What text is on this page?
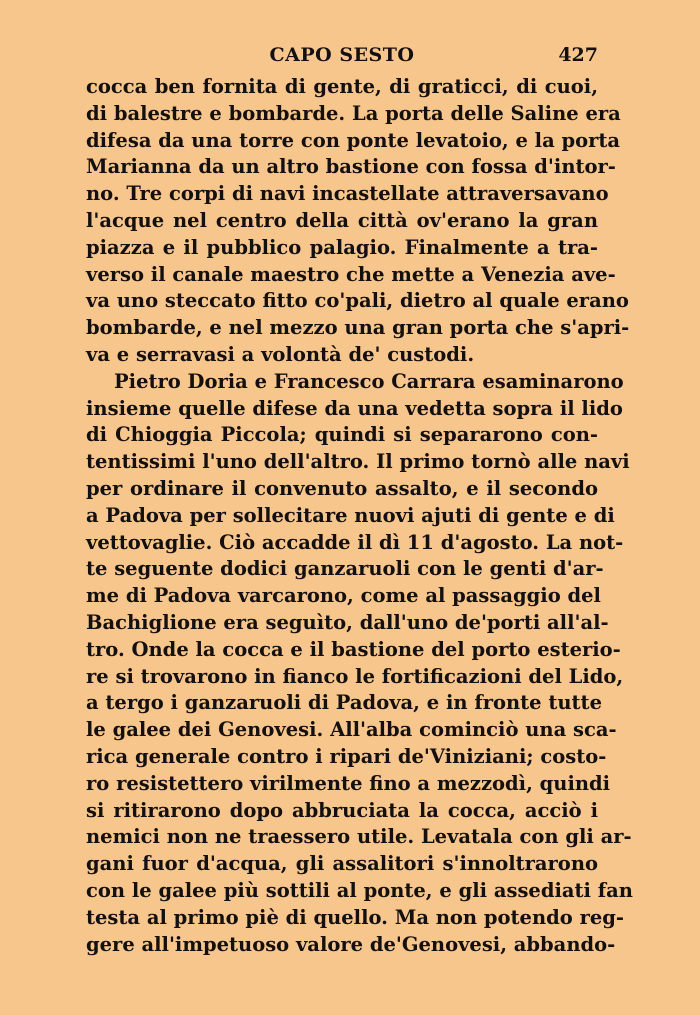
CAPO SESTO	427
cocca ben fornita di gente, di graticci, di cuoi,
di balestre e bombarde. La porta delle Saline era
difesa da una torre con ponte levatoio, e la porta
Marianna da un altro bastione con fossa d'intor-
no. Tre corpi di navi incastellate attraversavano
l'acque nel centro della città ov'erano la gran
piazza e il pubblico palagio. Finalmente a tra-
verso il canale maestro che mette a Venezia ave-
va uno steccato fitto co'pali, dietro al quale erano
bombarde, e nel mezzo una gran porta che s'apri-
va e serravasi a volontà de' custodi.
Pietro Doria e Francesco Carrara esaminarono
insieme quelle difese da una vedetta sopra il lido
di Chioggia Piccola; quindi si separarono con-
tentissimi l'uno dell'altro. Il primo tornò alle navi
per ordinare il convenuto assalto, e il secondo
a Padova per sollecitare nuovi ajuti di gente e di
vettovaglie. Ciò accadde il dì 11 d'agosto. La not-
te seguente dodici ganzaruoli con le genti d'ar-
me di Padova varcarono, come al passaggio del
Bachiglione era seguìto, dall'uno de'porti all'al-
tro. Onde la cocca e il bastione del porto esterio-
re si trovarono in fianco le fortificazioni del Lido,
a tergo i ganzaruoli di Padova, e in fronte tutte
le galee dei Genovesi. All'alba cominciò una sca-
rica generale contro i ripari de'Viniziani; costo-
ro resistettero virilmente fino a mezzodì, quindi
si ritirarono dopo abbruciata la cocca, acciò i
nemici non ne traessero utile. Levatala con gli ar-
gani fuor d'acqua, gli assalitori s'innoltrarono
con le galee più sottili al ponte, e gli assediati fan
testa al primo piè di quello. Ma non potendo reg-
gere all'impetuoso valore de'Genovesi, abbando-
